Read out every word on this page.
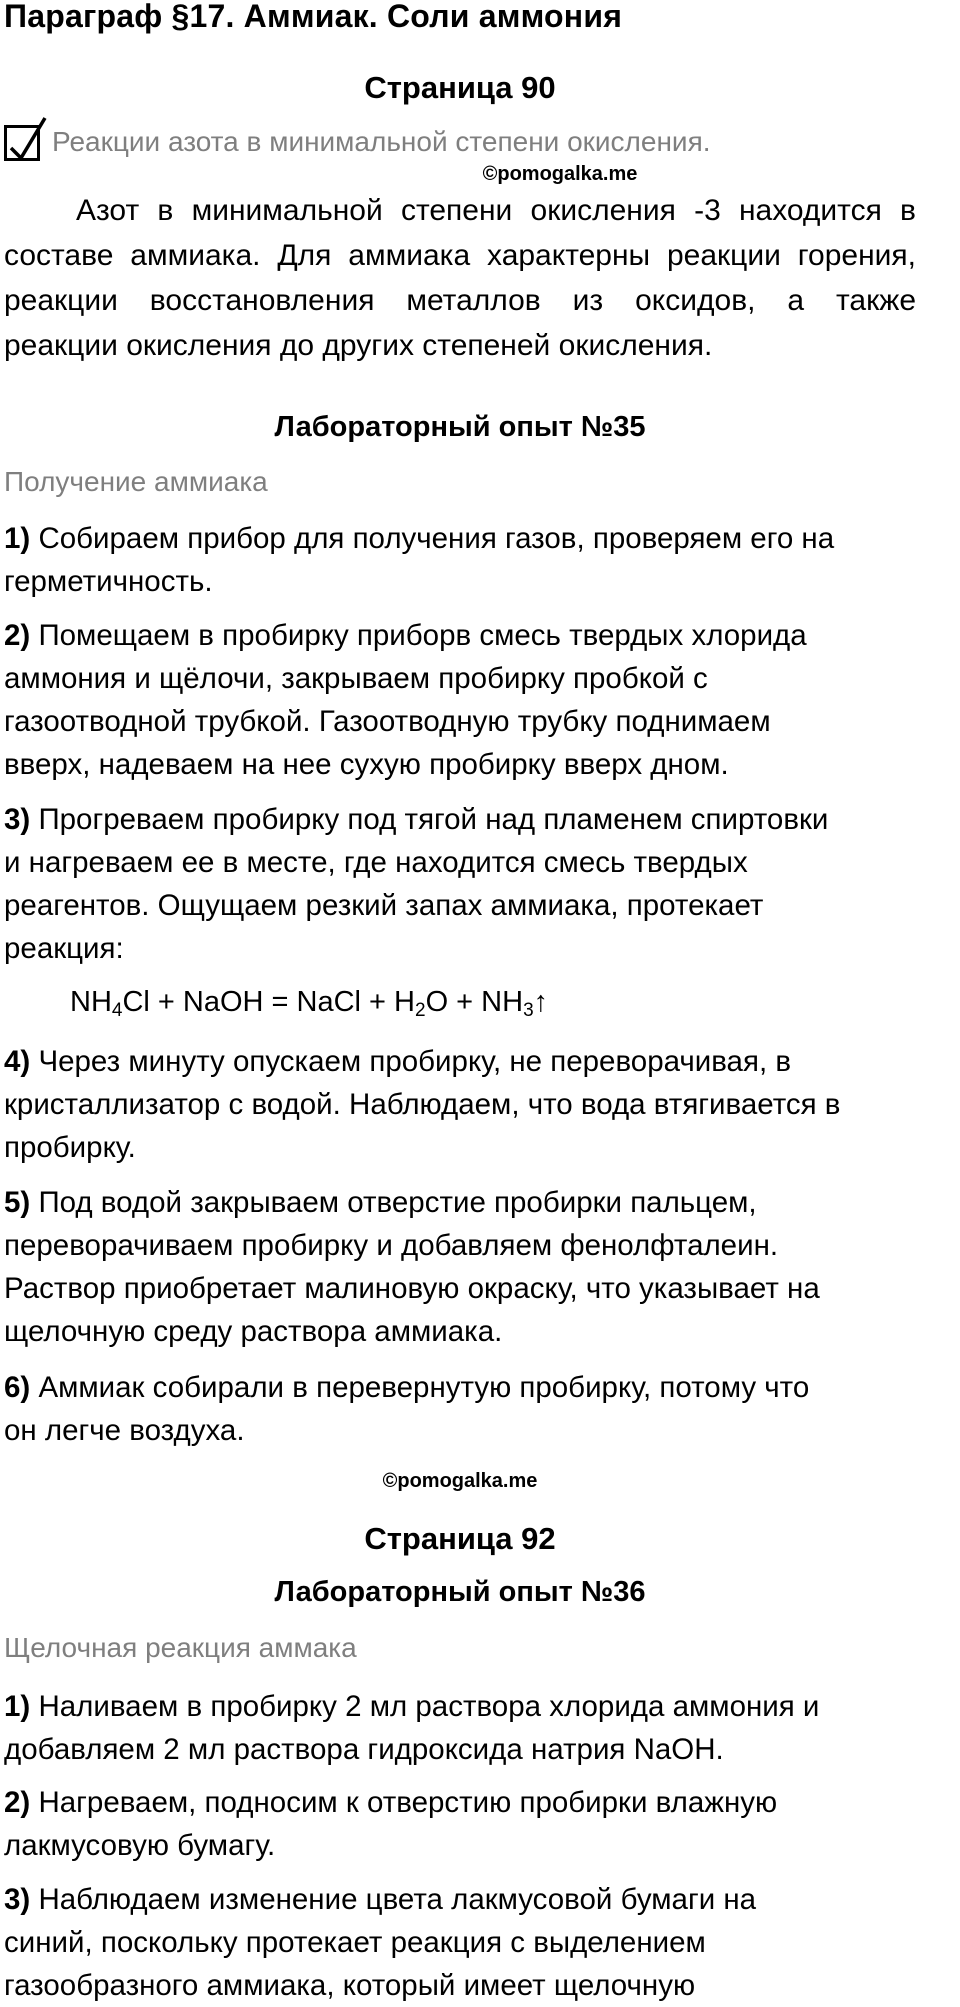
Параграф §17. Аммиак. Соли аммония
Страница 90
Реакции азота в минимальной степени окисления.
©pomogalka.me
Азот в минимальной степени окисления -3 находится в
составе аммиака. Для аммиака характерны реакции горения,
реакции восстановления металлов из оксидов, а также
реакции окисления до других степеней окисления.
Лабораторный опыт №35
Получение аммиака
1) Собираем прибор для получения газов, проверяем его на
герметичность.
2) Помещаем в пробирку приборв смесь твердых хлорида
аммония и щёлочи, закрываем пробирку пробкой с
газоотводной трубкой. Газоотводную трубку поднимаем
вверх, надеваем на нее сухую пробирку вверх дном.
3) Прогреваем пробирку под тягой над пламенем спиртовки
и нагреваем ее в месте, где находится смесь твердых
реагентов. Ощущаем резкий запах аммиака, протекает
реакция:
$NH_4Cl$ + NaOH = NaCl + $H_2O$ + $NH_3↑$
4) Через минуту опускаем пробирку, не переворачивая, в
кристаллизатор с водой. Наблюдаем, что вода втягивается в
пробирку.
5) Под водой закрываем отверстие пробирки пальцем,
переворачиваем пробирку и добавляем фенолфталеин.
Раствор приобретает малиновую окраску, что указывает на
щелочную среду раствора аммиака.
6) Аммиак собирали в перевернутую пробирку, потому что
он легче воздуха.
©pomogalka.me
Страница 92
Лабораторный опыт №36
Щелочная реакция аммака
1) Наливаем в пробирку 2 мл раствора хлорида аммония и
добавляем 2 мл раствора гидроксида натрия NaOH.
2) Нагреваем, подносим к отверстию пробирки влажную
лакмусовую бумагу.
3) Наблюдаем изменение цвета лакмусовой бумаги на
синий, поскольку протекает реакция с выделением
газообразного аммиака, который имеет щелочную
